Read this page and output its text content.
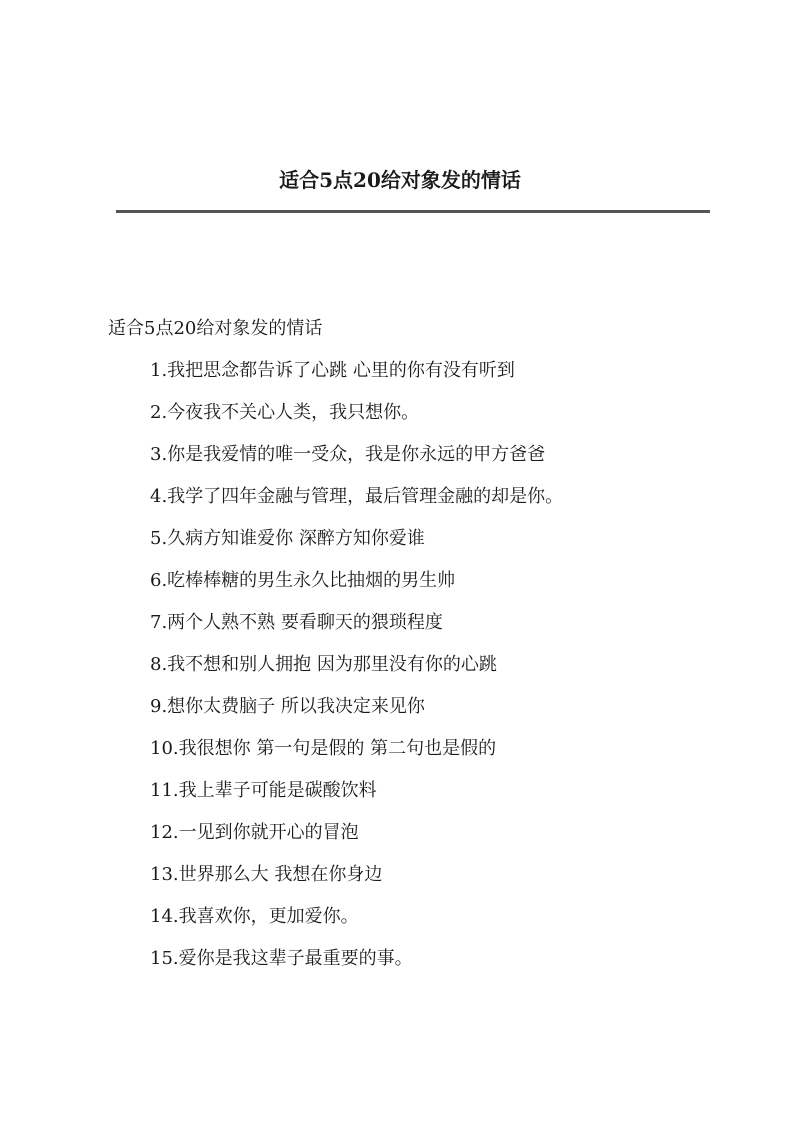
适合5点20给对象发的情话
适合5点20给对象发的情话
1.我把思念都告诉了心跳 心里的你有没有听到
2.今夜我不关心人类，我只想你。
3.你是我爱情的唯一受众，我是你永远的甲方爸爸
4.我学了四年金融与管理，最后管理金融的却是你。
5.久病方知谁爱你 深醉方知你爱谁
6.吃棒棒糖的男生永久比抽烟的男生帅
7.两个人熟不熟 要看聊天的猥琐程度
8.我不想和别人拥抱 因为那里没有你的心跳
9.想你太费脑子 所以我决定来见你
10.我很想你 第一句是假的 第二句也是假的
11.我上辈子可能是碳酸饮料
12.一见到你就开心的冒泡
13.世界那么大 我想在你身边
14.我喜欢你，更加爱你。
15.爱你是我这辈子最重要的事。
